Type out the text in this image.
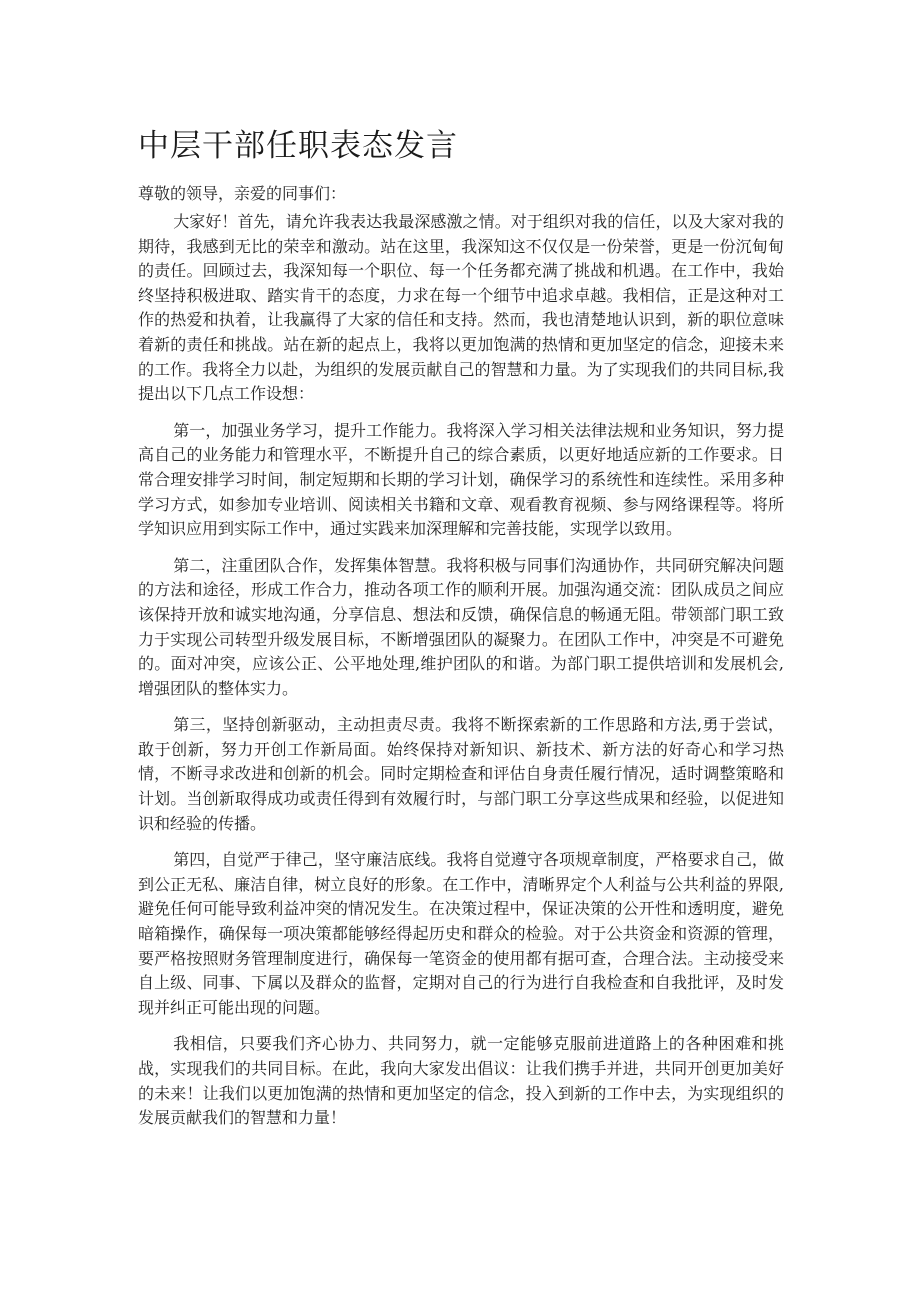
中层干部任职表态发言

尊敬的领导，亲爱的同事们：

大家好！首先，请允许我表达我最深感激之情。对于组织对我的信任，以及大家对我的期待，我感到无比的荣幸和激动。站在这里，我深知这不仅仅是一份荣誉，更是一份沉甸甸的责任。回顾过去，我深知每一个职位、每一个任务都充满了挑战和机遇。在工作中，我始终坚持积极进取、踏实肯干的态度，力求在每一个细节中追求卓越。我相信，正是这种对工作的热爱和执着，让我赢得了大家的信任和支持。然而，我也清楚地认识到，新的职位意味着新的责任和挑战。站在新的起点上，我将以更加饱满的热情和更加坚定的信念，迎接未来的工作。我将全力以赴，为组织的发展贡献自己的智慧和力量。为了实现我们的共同目标,我提出以下几点工作设想：

第一，加强业务学习，提升工作能力。我将深入学习相关法律法规和业务知识，努力提高自己的业务能力和管理水平，不断提升自己的综合素质，以更好地适应新的工作要求。日常合理安排学习时间，制定短期和长期的学习计划，确保学习的系统性和连续性。采用多种学习方式，如参加专业培训、阅读相关书籍和文章、观看教育视频、参与网络课程等。将所学知识应用到实际工作中，通过实践来加深理解和完善技能，实现学以致用。

第二，注重团队合作，发挥集体智慧。我将积极与同事们沟通协作，共同研究解决问题的方法和途径，形成工作合力，推动各项工作的顺利开展。加强沟通交流：团队成员之间应该保持开放和诚实地沟通，分享信息、想法和反馈，确保信息的畅通无阻。带领部门职工致力于实现公司转型升级发展目标，不断增强团队的凝聚力。在团队工作中，冲突是不可避免的。面对冲突，应该公正、公平地处理,维护团队的和谐。为部门职工提供培训和发展机会,增强团队的整体实力。

第三，坚持创新驱动，主动担责尽责。我将不断探索新的工作思路和方法,勇于尝试，敢于创新，努力开创工作新局面。始终保持对新知识、新技术、新方法的好奇心和学习热情，不断寻求改进和创新的机会。同时定期检查和评估自身责任履行情况，适时调整策略和计划。当创新取得成功或责任得到有效履行时，与部门职工分享这些成果和经验，以促进知识和经验的传播。

第四，自觉严于律己，坚守廉洁底线。我将自觉遵守各项规章制度，严格要求自己，做到公正无私、廉洁自律，树立良好的形象。在工作中，清晰界定个人利益与公共利益的界限,避免任何可能导致利益冲突的情况发生。在决策过程中，保证决策的公开性和透明度，避免暗箱操作，确保每一项决策都能够经得起历史和群众的检验。对于公共资金和资源的管理，要严格按照财务管理制度进行，确保每一笔资金的使用都有据可查，合理合法。主动接受来自上级、同事、下属以及群众的监督，定期对自己的行为进行自我检查和自我批评，及时发现并纠正可能出现的问题。

我相信，只要我们齐心协力、共同努力，就一定能够克服前进道路上的各种困难和挑战，实现我们的共同目标。在此，我向大家发出倡议：让我们携手并进，共同开创更加美好的未来！让我们以更加饱满的热情和更加坚定的信念，投入到新的工作中去，为实现组织的发展贡献我们的智慧和力量！
